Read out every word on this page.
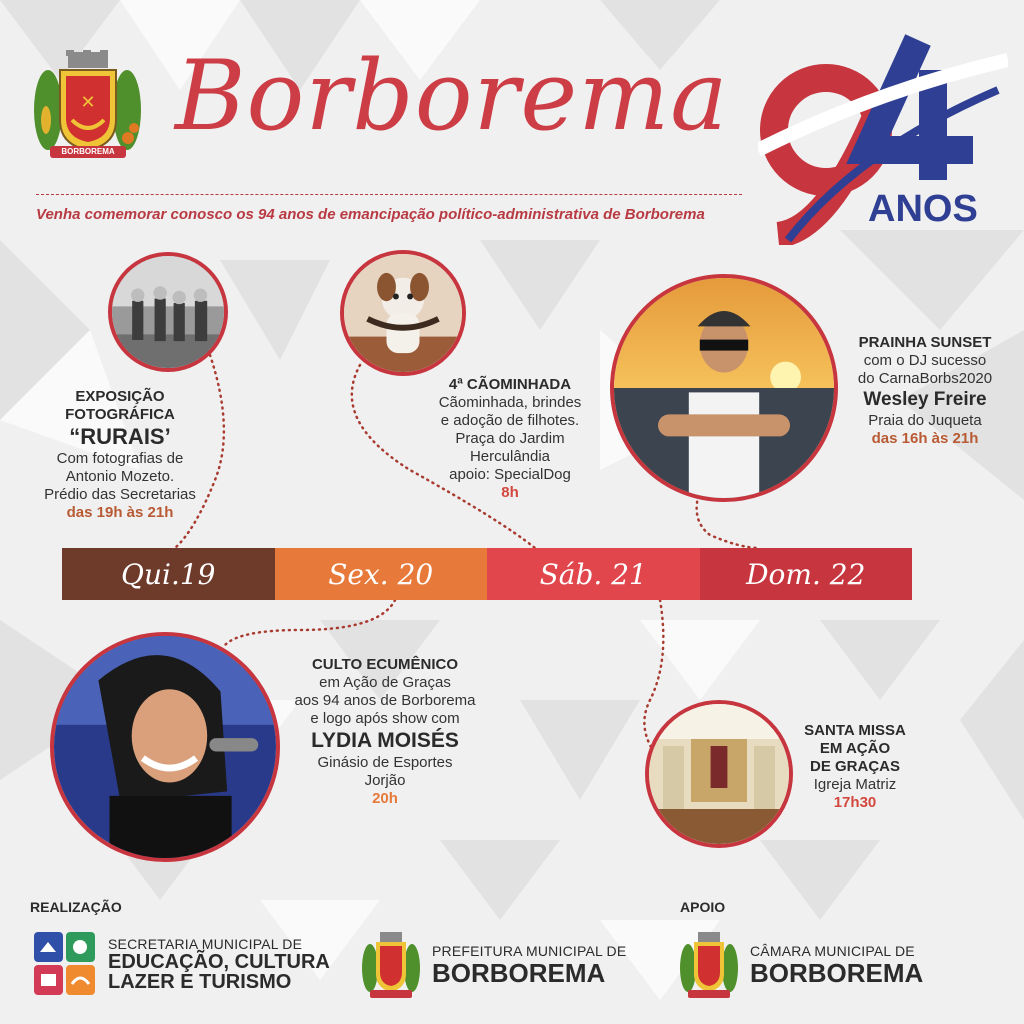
✕
BORBOREMA Borborema
ANOS
Venha comemorar conosco os 94 anos de emancipação político-administrativa de Borborema
EXPOSIÇÃO
FOTOGRÁFICA
“RURAIS’
Com fotografias de
Antonio Mozeto.
Prédio das Secretarias
das 19h às 21h
4ª CÃOMINHADA
Cãominhada, brindes
e adoção de filhotes.
Praça do Jardim
Herculândia
apoio: SpecialDog
8h
PRAINHA SUNSET
com o DJ sucesso
do CarnaBorbs2020
Wesley Freire
Praia do Juqueta
das 16h às 21h
Qui.19	Sex. 20	Sáb. 21	Dom. 22
CULTO ECUMÊNICO
em Ação de Graças
aos 94 anos de Borborema
e logo após show com
LYDIA MOISÉS
Ginásio de Esportes
Jorjão
20h
SANTA MISSA
EM AÇÃO
DE GRAÇAS
Igreja Matriz
17h30
REALIZAÇÃO	APOIO
SECRETARIA MUNICIPAL DE
EDUCAÇÃO, CULTURA
LAZER E TURISMO
PREFEITURA MUNICIPAL DE
BORBOREMA
CÂMARA MUNICIPAL DE
BORBOREMA
